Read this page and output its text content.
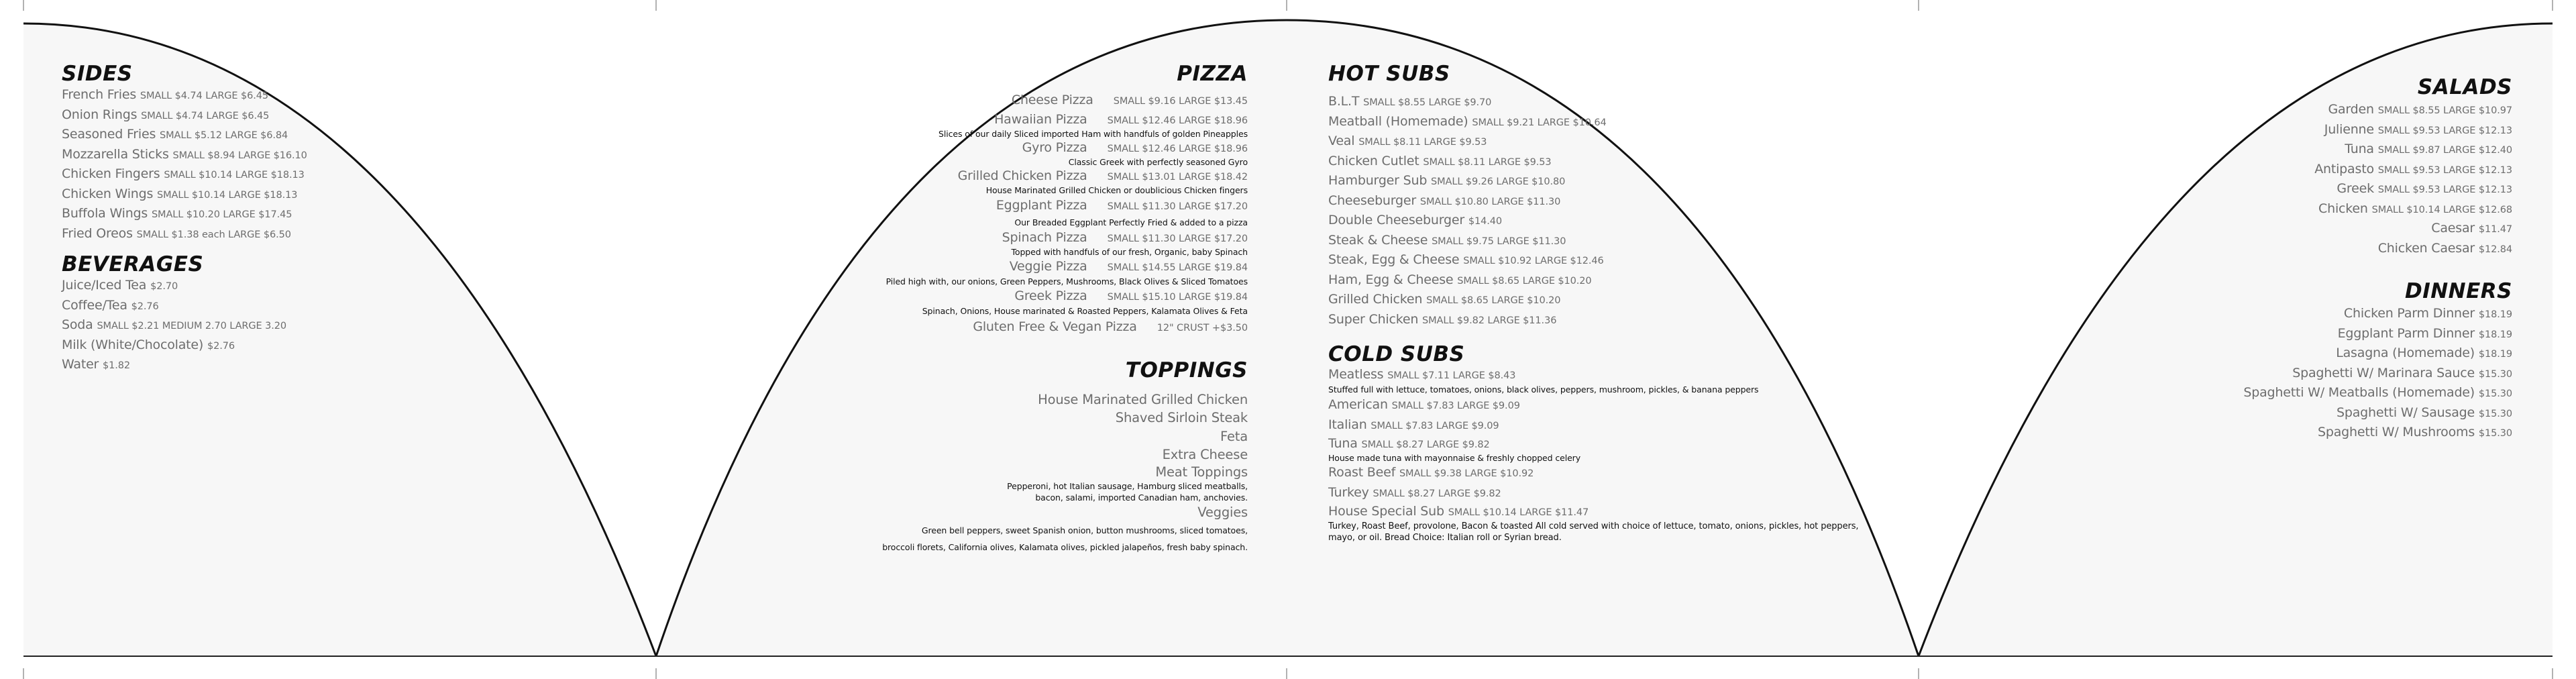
SIDES
French Fries SMALL $4.74 LARGE $6.45
Onion Rings SMALL $4.74 LARGE $6.45
Seasoned Fries SMALL $5.12 LARGE $6.84
Mozzarella Sticks SMALL $8.94 LARGE $16.10
Chicken Fingers SMALL $10.14 LARGE $18.13
Chicken Wings SMALL $10.14 LARGE $18.13
Buffola Wings SMALL $10.20 LARGE $17.45
Fried Oreos SMALL $1.38 each LARGE $6.50
BEVERAGES
Juice/Iced Tea $2.70
Coffee/Tea $2.76
Soda SMALL $2.21 MEDIUM 2.70 LARGE 3.20
Milk (White/Chocolate) $2.76
Water $1.82
PIZZA
Cheese Pizza SMALL $9.16 LARGE $13.45
Hawaiian Pizza SMALL $12.46 LARGE $18.96
Slices of our daily Sliced imported Ham with handfuls of golden Pineapples
Gyro Pizza SMALL $12.46 LARGE $18.96
Classic Greek with perfectly seasoned Gyro
Grilled Chicken Pizza SMALL $13.01 LARGE $18.42
House Marinated Grilled Chicken or doublicious Chicken fingers
Eggplant Pizza SMALL $11.30 LARGE $17.20
Our Breaded Eggplant Perfectly Fried & added to a pizza
Spinach Pizza SMALL $11.30 LARGE $17.20
Topped with handfuls of our fresh, Organic, baby Spinach
Veggie Pizza SMALL $14.55 LARGE $19.84
Piled high with, our onions, Green Peppers, Mushrooms, Black Olives & Sliced Tomatoes
Greek Pizza SMALL $15.10 LARGE $19.84
Spinach, Onions, House marinated & Roasted Peppers, Kalamata Olives & Feta
Gluten Free & Vegan Pizza 12" CRUST +$3.50
TOPPINGS
House Marinated Grilled Chicken
Shaved Sirloin Steak
Feta
Extra Cheese
Meat Toppings
Pepperoni, hot Italian sausage, Hamburg sliced meatballs,
bacon, salami, imported Canadian ham, anchovies.
Veggies
Green bell peppers, sweet Spanish onion, button mushrooms, sliced tomatoes,
broccoli florets, California olives, Kalamata olives, pickled jalapeños, fresh baby spinach.
HOT SUBS
B.L.T SMALL $8.55 LARGE $9.70
Meatball (Homemade) SMALL $9.21 LARGE $10.64
Veal SMALL $8.11 LARGE $9.53
Chicken Cutlet SMALL $8.11 LARGE $9.53
Hamburger Sub SMALL $9.26 LARGE $10.80
Cheeseburger SMALL $10.80 LARGE $11.30
Double Cheeseburger $14.40
Steak & Cheese SMALL $9.75 LARGE $11.30
Steak, Egg & Cheese SMALL $10.92 LARGE $12.46
Ham, Egg & Cheese SMALL $8.65 LARGE $10.20
Grilled Chicken SMALL $8.65 LARGE $10.20
Super Chicken SMALL $9.82 LARGE $11.36
COLD SUBS
Meatless SMALL $7.11 LARGE $8.43
Stuffed full with lettuce, tomatoes, onions, black olives, peppers, mushroom, pickles, & banana peppers
American SMALL $7.83 LARGE $9.09
Italian SMALL $7.83 LARGE $9.09
Tuna SMALL $8.27 LARGE $9.82
House made tuna with mayonnaise & freshly chopped celery
Roast Beef SMALL $9.38 LARGE $10.92
Turkey SMALL $8.27 LARGE $9.82
House Special Sub SMALL $10.14 LARGE $11.47
Turkey, Roast Beef, provolone, Bacon & toasted All cold served with choice of lettuce, tomato, onions, pickles, hot peppers, mayo, or oil. Bread Choice: Italian roll or Syrian bread.
SALADS
Garden SMALL $8.55 LARGE $10.97
Julienne SMALL $9.53 LARGE $12.13
Tuna SMALL $9.87 LARGE $12.40
Antipasto SMALL $9.53 LARGE $12.13
Greek SMALL $9.53 LARGE $12.13
Chicken SMALL $10.14 LARGE $12.68
Caesar $11.47
Chicken Caesar $12.84
DINNERS
Chicken Parm Dinner $18.19
Eggplant Parm Dinner $18.19
Lasagna (Homemade) $18.19
Spaghetti W/ Marinara Sauce $15.30
Spaghetti W/ Meatballs (Homemade) $15.30
Spaghetti W/ Sausage $15.30
Spaghetti W/ Mushrooms $15.30
